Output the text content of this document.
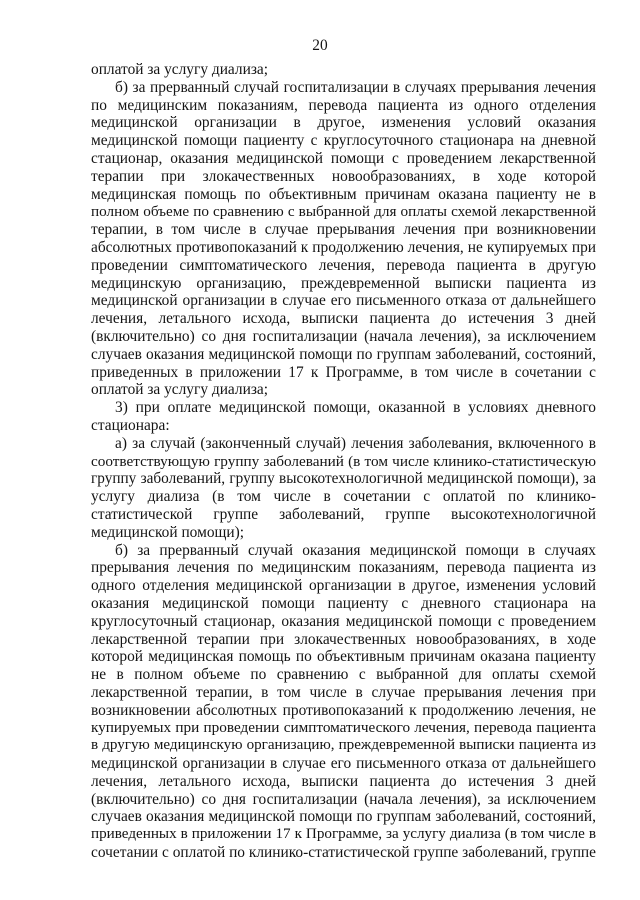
20
оплатой за услугу диализа;
б) за прерванный случай госпитализации в случаях прерывания лечения
по медицинским показаниям, перевода пациента из одного отделения
медицинской организации в другое, изменения условий оказания
медицинской помощи пациенту с круглосуточного стационара на дневной
стационар, оказания медицинской помощи с проведением лекарственной
терапии при злокачественных новообразованиях, в ходе которой
медицинская помощь по объективным причинам оказана пациенту не в
полном объеме по сравнению с выбранной для оплаты схемой лекарственной
терапии, в том числе в случае прерывания лечения при возникновении
абсолютных противопоказаний к продолжению лечения, не купируемых при
проведении симптоматического лечения, перевода пациента в другую
медицинскую организацию, преждевременной выписки пациента из
медицинской организации в случае его письменного отказа от дальнейшего
лечения, летального исхода, выписки пациента до истечения 3 дней
(включительно) со дня госпитализации (начала лечения), за исключением
случаев оказания медицинской помощи по группам заболеваний, состояний,
приведенных в приложении 17 к Программе, в том числе в сочетании с
оплатой за услугу диализа;
3) при оплате медицинской помощи, оказанной в условиях дневного
стационара:
а) за случай (законченный случай) лечения заболевания, включенного в
соответствующую группу заболеваний (в том числе клинико-статистическую
группу заболеваний, группу высокотехнологичной медицинской помощи), за
услугу диализа (в том числе в сочетании с оплатой по клинико-
статистической группе заболеваний, группе высокотехнологичной
медицинской помощи);
б) за прерванный случай оказания медицинской помощи в случаях
прерывания лечения по медицинским показаниям, перевода пациента из
одного отделения медицинской организации в другое, изменения условий
оказания медицинской помощи пациенту с дневного стационара на
круглосуточный стационар, оказания медицинской помощи с проведением
лекарственной терапии при злокачественных новообразованиях, в ходе
которой медицинская помощь по объективным причинам оказана пациенту
не в полном объеме по сравнению с выбранной для оплаты схемой
лекарственной терапии, в том числе в случае прерывания лечения при
возникновении абсолютных противопоказаний к продолжению лечения, не
купируемых при проведении симптоматического лечения, перевода пациента
в другую медицинскую организацию, преждевременной выписки пациента из
медицинской организации в случае его письменного отказа от дальнейшего
лечения, летального исхода, выписки пациента до истечения 3 дней
(включительно) со дня госпитализации (начала лечения), за исключением
случаев оказания медицинской помощи по группам заболеваний, состояний,
приведенных в приложении 17 к Программе, за услугу диализа (в том числе в
сочетании с оплатой по клинико-статистической группе заболеваний, группе
